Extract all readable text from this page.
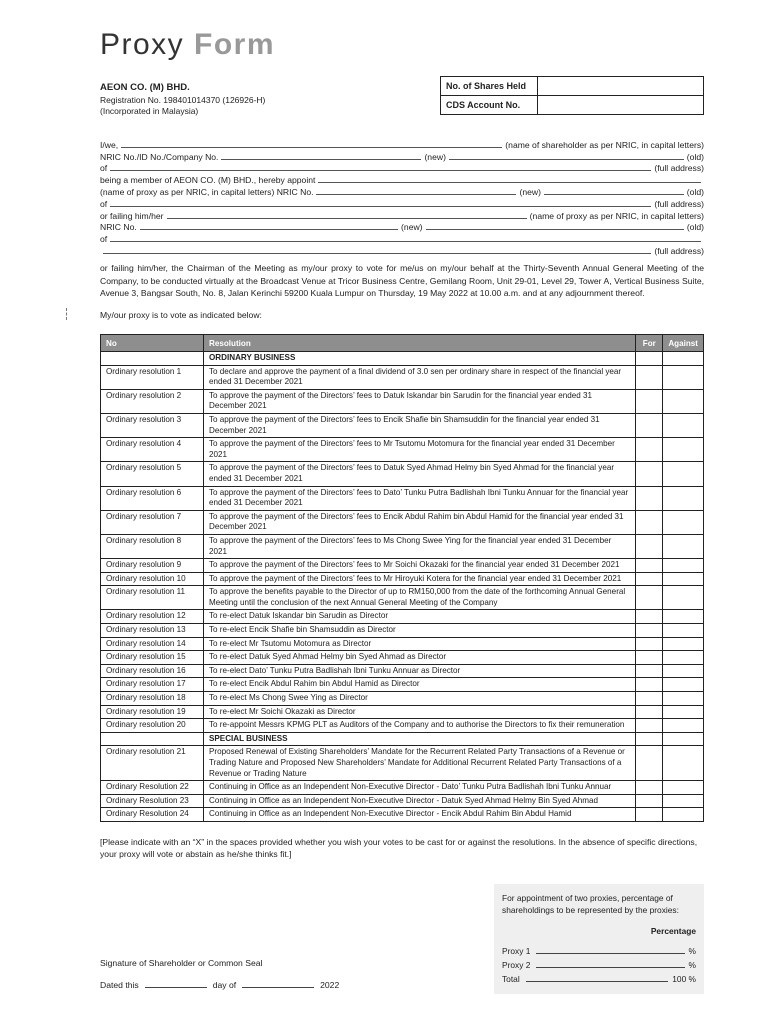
Proxy Form
AEON CO. (M) BHD.
Registration No. 198401014370 (126926-H)
(Incorporated in Malaysia)
No. of Shares Held	
CDS Account No.	
I/we,	(name of shareholder as per NRIC, in capital letters)
NRIC No./ID No./Company No.	(new)	(old)
of	(full address)
being a member of AEON CO. (M) BHD., hereby appoint
(name of proxy as per NRIC, in capital letters) NRIC No.	(new)	(old)
of	(full address)
or failing him/her	(name of proxy as per NRIC, in capital letters)
NRIC No.	(new)	(old)
of
(full address)
or failing him/her, the Chairman of the Meeting as my/our proxy to vote for me/us on my/our behalf at the Thirty-Seventh Annual General Meeting of the Company, to be conducted virtually at the Broadcast Venue at Tricor Business Centre, Gemilang Room, Unit 29-01, Level 29, Tower A, Vertical Business Suite, Avenue 3, Bangsar South, No. 8, Jalan Kerinchi 59200 Kuala Lumpur on Thursday, 19 May 2022 at 10.00 a.m. and at any adjournment thereof.
My/our proxy is to vote as indicated below:
No	Resolution	For	Against
	ORDINARY BUSINESS		
Ordinary resolution 1	To declare and approve the payment of a final dividend of 3.0 sen per ordinary share in respect of the financial year ended 31 December 2021		
Ordinary resolution 2	To approve the payment of the Directors’ fees to Datuk Iskandar bin Sarudin for the financial year ended 31 December 2021		
Ordinary resolution 3	To approve the payment of the Directors’ fees to Encik Shafie bin Shamsuddin for the financial year ended 31 December 2021		
Ordinary resolution 4	To approve the payment of the Directors’ fees to Mr Tsutomu Motomura for the financial year ended 31 December 2021		
Ordinary resolution 5	To approve the payment of the Directors’ fees to Datuk Syed Ahmad Helmy bin Syed Ahmad for the financial year ended 31 December 2021		
Ordinary resolution 6	To approve the payment of the Directors’ fees to Dato’ Tunku Putra Badlishah Ibni Tunku Annuar for the financial year ended 31 December 2021		
Ordinary resolution 7	To approve the payment of the Directors’ fees to Encik Abdul Rahim bin Abdul Hamid for the financial year ended 31 December 2021		
Ordinary resolution 8	To approve the payment of the Directors’ fees to Ms Chong Swee Ying for the financial year ended 31 December 2021		
Ordinary resolution 9	To approve the payment of the Directors’ fees to Mr Soichi Okazaki for the financial year ended 31 December 2021		
Ordinary resolution 10	To approve the payment of the Directors’ fees to Mr Hiroyuki Kotera for the financial year ended 31 December 2021		
Ordinary resolution 11	To approve the benefits payable to the Director of up to RM150,000 from the date of the forthcoming Annual General Meeting until the conclusion of the next Annual General Meeting of the Company		
Ordinary resolution 12	To re-elect Datuk Iskandar bin Sarudin as Director		
Ordinary resolution 13	To re-elect Encik Shafie bin Shamsuddin as Director		
Ordinary resolution 14	To re-elect Mr Tsutomu Motomura as Director		
Ordinary resolution 15	To re-elect Datuk Syed Ahmad Helmy bin Syed Ahmad as Director		
Ordinary resolution 16	To re-elect Dato’ Tunku Putra Badlishah Ibni Tunku Annuar as Director		
Ordinary resolution 17	To re-elect Encik Abdul Rahim bin Abdul Hamid as Director		
Ordinary resolution 18	To re-elect Ms Chong Swee Ying as Director		
Ordinary resolution 19	To re-elect Mr Soichi Okazaki as Director		
Ordinary resolution 20	To re-appoint Messrs KPMG PLT as Auditors of the Company and to authorise the Directors to fix their remuneration		
	SPECIAL BUSINESS		
Ordinary resolution 21	Proposed Renewal of Existing Shareholders’ Mandate for the Recurrent Related Party Transactions of a Revenue or Trading Nature and Proposed New Shareholders’ Mandate for Additional Recurrent Related Party Transactions of a Revenue or Trading Nature		
Ordinary Resolution 22	Continuing in Office as an Independent Non-Executive Director - Dato’ Tunku Putra Badlishah Ibni Tunku Annuar		
Ordinary Resolution 23	Continuing in Office as an Independent Non-Executive Director - Datuk Syed Ahmad Helmy Bin Syed Ahmad		
Ordinary Resolution 24	Continuing in Office as an Independent Non-Executive Director - Encik Abdul Rahim Bin Abdul Hamid		
[Please indicate with an “X” in the spaces provided whether you wish your votes to be cast for or against the resolutions. In the absence of specific directions, your proxy will vote or abstain as he/she thinks fit.]
For appointment of two proxies, percentage of shareholdings to be represented by the proxies:
Percentage
Proxy 1	%
Proxy 2	%
Total	100 %
Signature of Shareholder or Common Seal
Dated this	day of	2022
